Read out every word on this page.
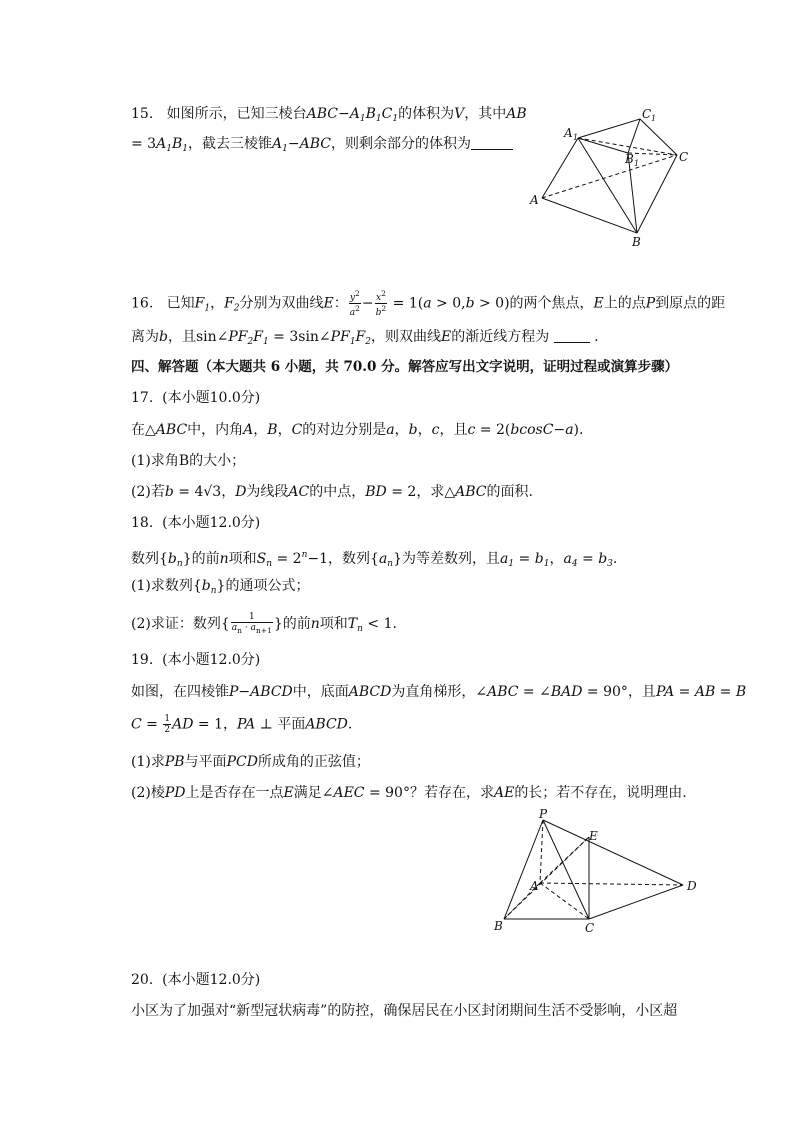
15. 如图所示，已知三棱台$ABC-A_1B_1C_1$的体积为V，其中AB
= $3A_1B_1$，截去三棱锥$A_1-ABC$，则剩余部分的体积为
A 1
C 1
B 1	C
A
B
16. 已知$F_1$，$F_2$分别为双曲线E： $\frac{y^2}{a^2} - \frac{x^2}{b^2} = 1(a > 0,b > 0)$的两个焦点，E上的点P到原点的距
离为b，且$\sin\angle PF_2F_1$ = $3\sin\angle PF_1F_2$，则双曲线E的渐近线方程为	.
四、解答题（本大题共 6 小题，共 70.0 分。解答应写出文字说明，证明过程或演算步骤）
17. (本小题10.0分)
在△ABC中，内角A，B，C的对边分别是a，b，c，且c = 2(bcosC−a).
(1)求角B的大小；
(2)若b = 4√3，D为线段AC的中点，BD = 2，求△ABC的面积.
18. (本小题12.0分)
数列$\{b_n\}$的前n项和$S_n = 2^n-1$，数列$\{a_n\}$为等差数列，且$a_1 = b_1$，$a_4 = b_3$.
(1)求数列$\{b_n\}$的通项公式；
(2)求证：数列{ $\frac{1}{a_n \cdot a_{n+1}}$ }的前n项和$T_n < 1$.
19. (本小题12.0分)
如图，在四棱锥P−ABCD中，底面ABCD为直角梯形，∠ABC = ∠BAD = 90°，且PA = AB = B
$C = \frac{1}{2}$ AD = 1，PA ⊥ 平面ABCD.
(1)求PB与平面PCD所成角的正弦值；
(2)棱PD上是否存在一点E满足∠AEC = 90°？若存在，求AE的长；若不存在，说明理由.
P
E
A
B	C
D
20. (本小题12.0分)
小区为了加强对“新型冠状病毒”的防控，确保居民在小区封闭期间生活不受影响，小区超
